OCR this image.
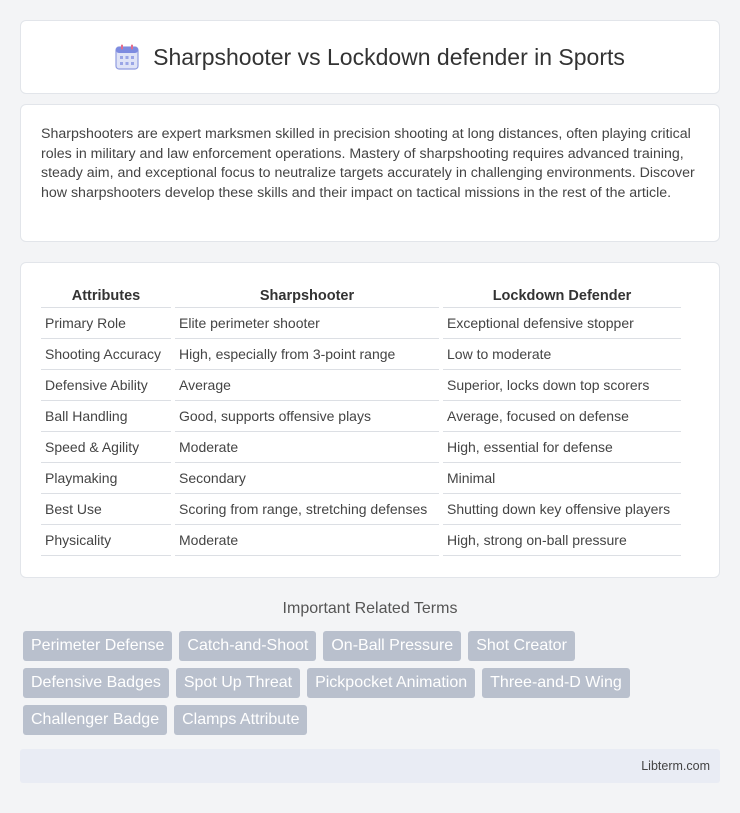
Sharpshooter vs Lockdown defender in Sports

Sharpshooters are expert marksmen skilled in precision shooting at long distances, often playing critical roles in military and law enforcement operations. Mastery of sharpshooting requires advanced training, steady aim, and exceptional focus to neutralize targets accurately in challenging environments. Discover how sharpshooters develop these skills and their impact on tactical missions in the rest of the article.

Attributes	Sharpshooter	Lockdown Defender
Primary Role	Elite perimeter shooter	Exceptional defensive stopper
Shooting Accuracy	High, especially from 3-point range	Low to moderate
Defensive Ability	Average	Superior, locks down top scorers
Ball Handling	Good, supports offensive plays	Average, focused on defense
Speed & Agility	Moderate	High, essential for defense
Playmaking	Secondary	Minimal
Best Use	Scoring from range, stretching defenses	Shutting down key offensive players
Physicality	Moderate	High, strong on-ball pressure
Important Related Terms
Perimeter Defense	Catch-and-Shoot	On-Ball Pressure	Shot Creator
Defensive Badges	Spot Up Threat	Pickpocket Animation	Three-and-D Wing
Challenger Badge	Clamps Attribute
Libterm.com
